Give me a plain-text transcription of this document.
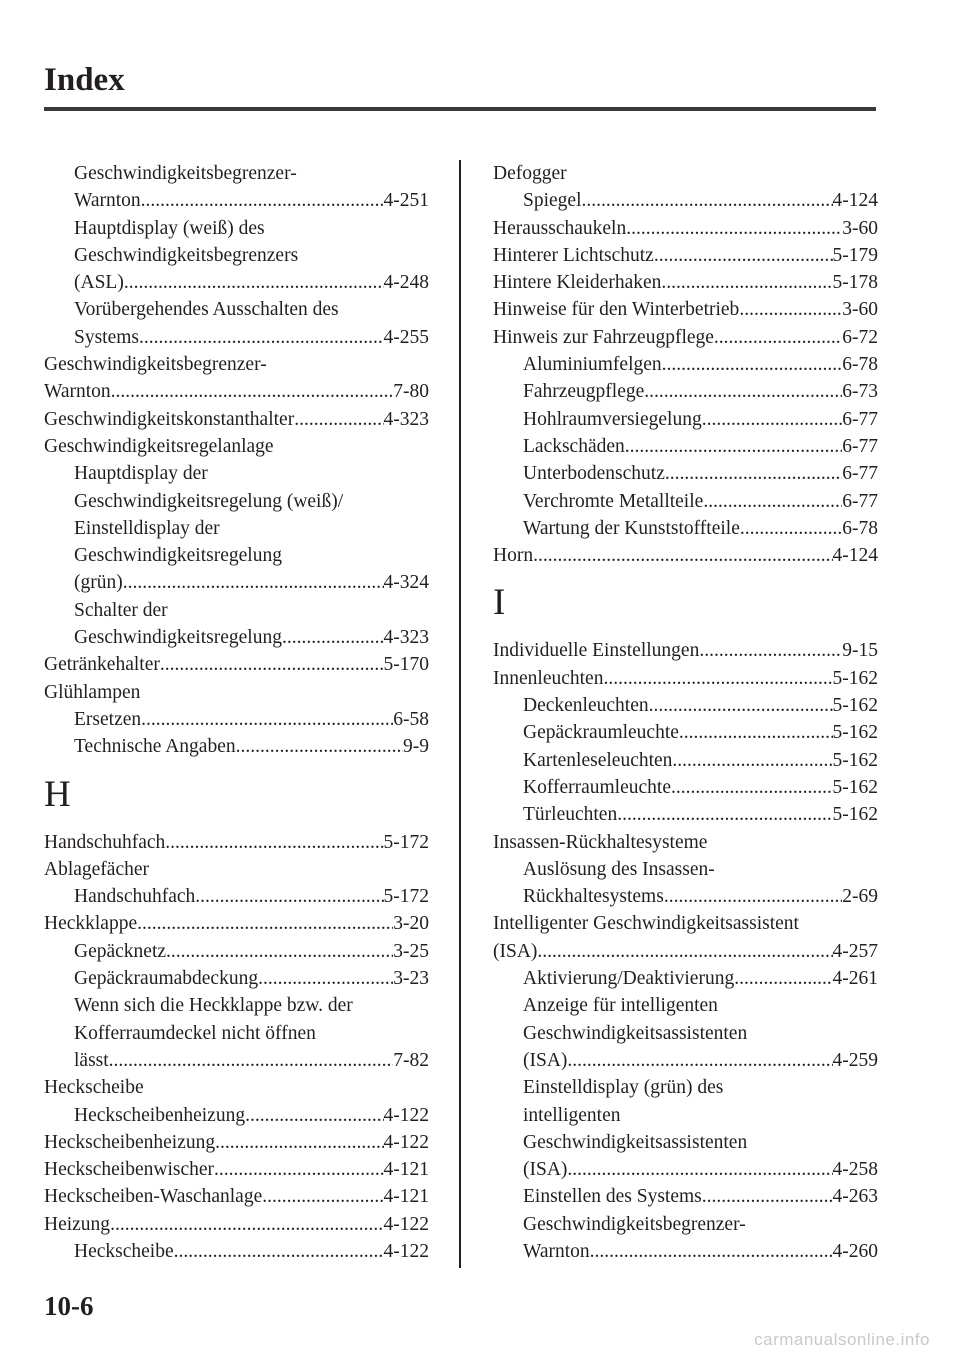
Index
Geschwindigkeitsbegrenzer-
Warnton .....	4-251
Hauptdisplay (weiß) des
Geschwindigkeitsbegrenzers
(ASL) .....	4-248
Vorübergehendes Ausschalten des
Systems .....	4-255
Geschwindigkeitsbegrenzer-
Warnton .....	7-80
Geschwindigkeitskonstanthalter .....	4-323
Geschwindigkeitsregelanlage
Hauptdisplay der
Geschwindigkeitsregelung (weiß)/
Einstelldisplay der
Geschwindigkeitsregelung
(grün) .....	4-324
Schalter der
Geschwindigkeitsregelung .....	4-323
Getränkehalter .....	5-170
Glühlampen
Ersetzen .....	6-58
Technische Angaben .....	9-9
H
Handschuhfach .....	5-172
Ablagefächer
Handschuhfach .....	5-172
Heckklappe .....	3-20
Gepäcknetz .....	3-25
Gepäckraumabdeckung .....	3-23
Wenn sich die Heckklappe bzw. der
Kofferraumdeckel nicht öffnen
lässt .....	7-82
Heckscheibe
Heckscheibenheizung .....	4-122
Heckscheibenheizung .....	4-122
Heckscheibenwischer .....	4-121
Heckscheiben-Waschanlage .....	4-121
Heizung .....	4-122
Heckscheibe .....	4-122
Defogger
Spiegel .....	4-124
Herausschaukeln .....	3-60
Hinterer Lichtschutz .....	5-179
Hintere Kleiderhaken .....	5-178
Hinweise für den Winterbetrieb .....	3-60
Hinweis zur Fahrzeugpflege .....	6-72
Aluminiumfelgen .....	6-78
Fahrzeugpflege .....	6-73
Hohlraumversiegelung .....	6-77
Lackschäden .....	6-77
Unterbodenschutz .....	6-77
Verchromte Metallteile .....	6-77
Wartung der Kunststoffteile .....	6-78
Horn .....	4-124
I
Individuelle Einstellungen .....	9-15
Innenleuchten .....	5-162
Deckenleuchten .....	5-162
Gepäckraumleuchte .....	5-162
Kartenleseleuchten .....	5-162
Kofferraumleuchte .....	5-162
Türleuchten .....	5-162
Insassen-Rückhaltesysteme
Auslösung des Insassen-
Rückhaltesystems .....	2-69
Intelligenter Geschwindigkeitsassistent
(ISA) .....	4-257
Aktivierung/Deaktivierung .....	4-261
Anzeige für intelligenten
Geschwindigkeitsassistenten
(ISA) .....	4-259
Einstelldisplay (grün) des
intelligenten
Geschwindigkeitsassistenten
(ISA) .....	4-258
Einstellen des Systems .....	4-263
Geschwindigkeitsbegrenzer-
Warnton .....	4-260
10-6
carmanualsonline.info
